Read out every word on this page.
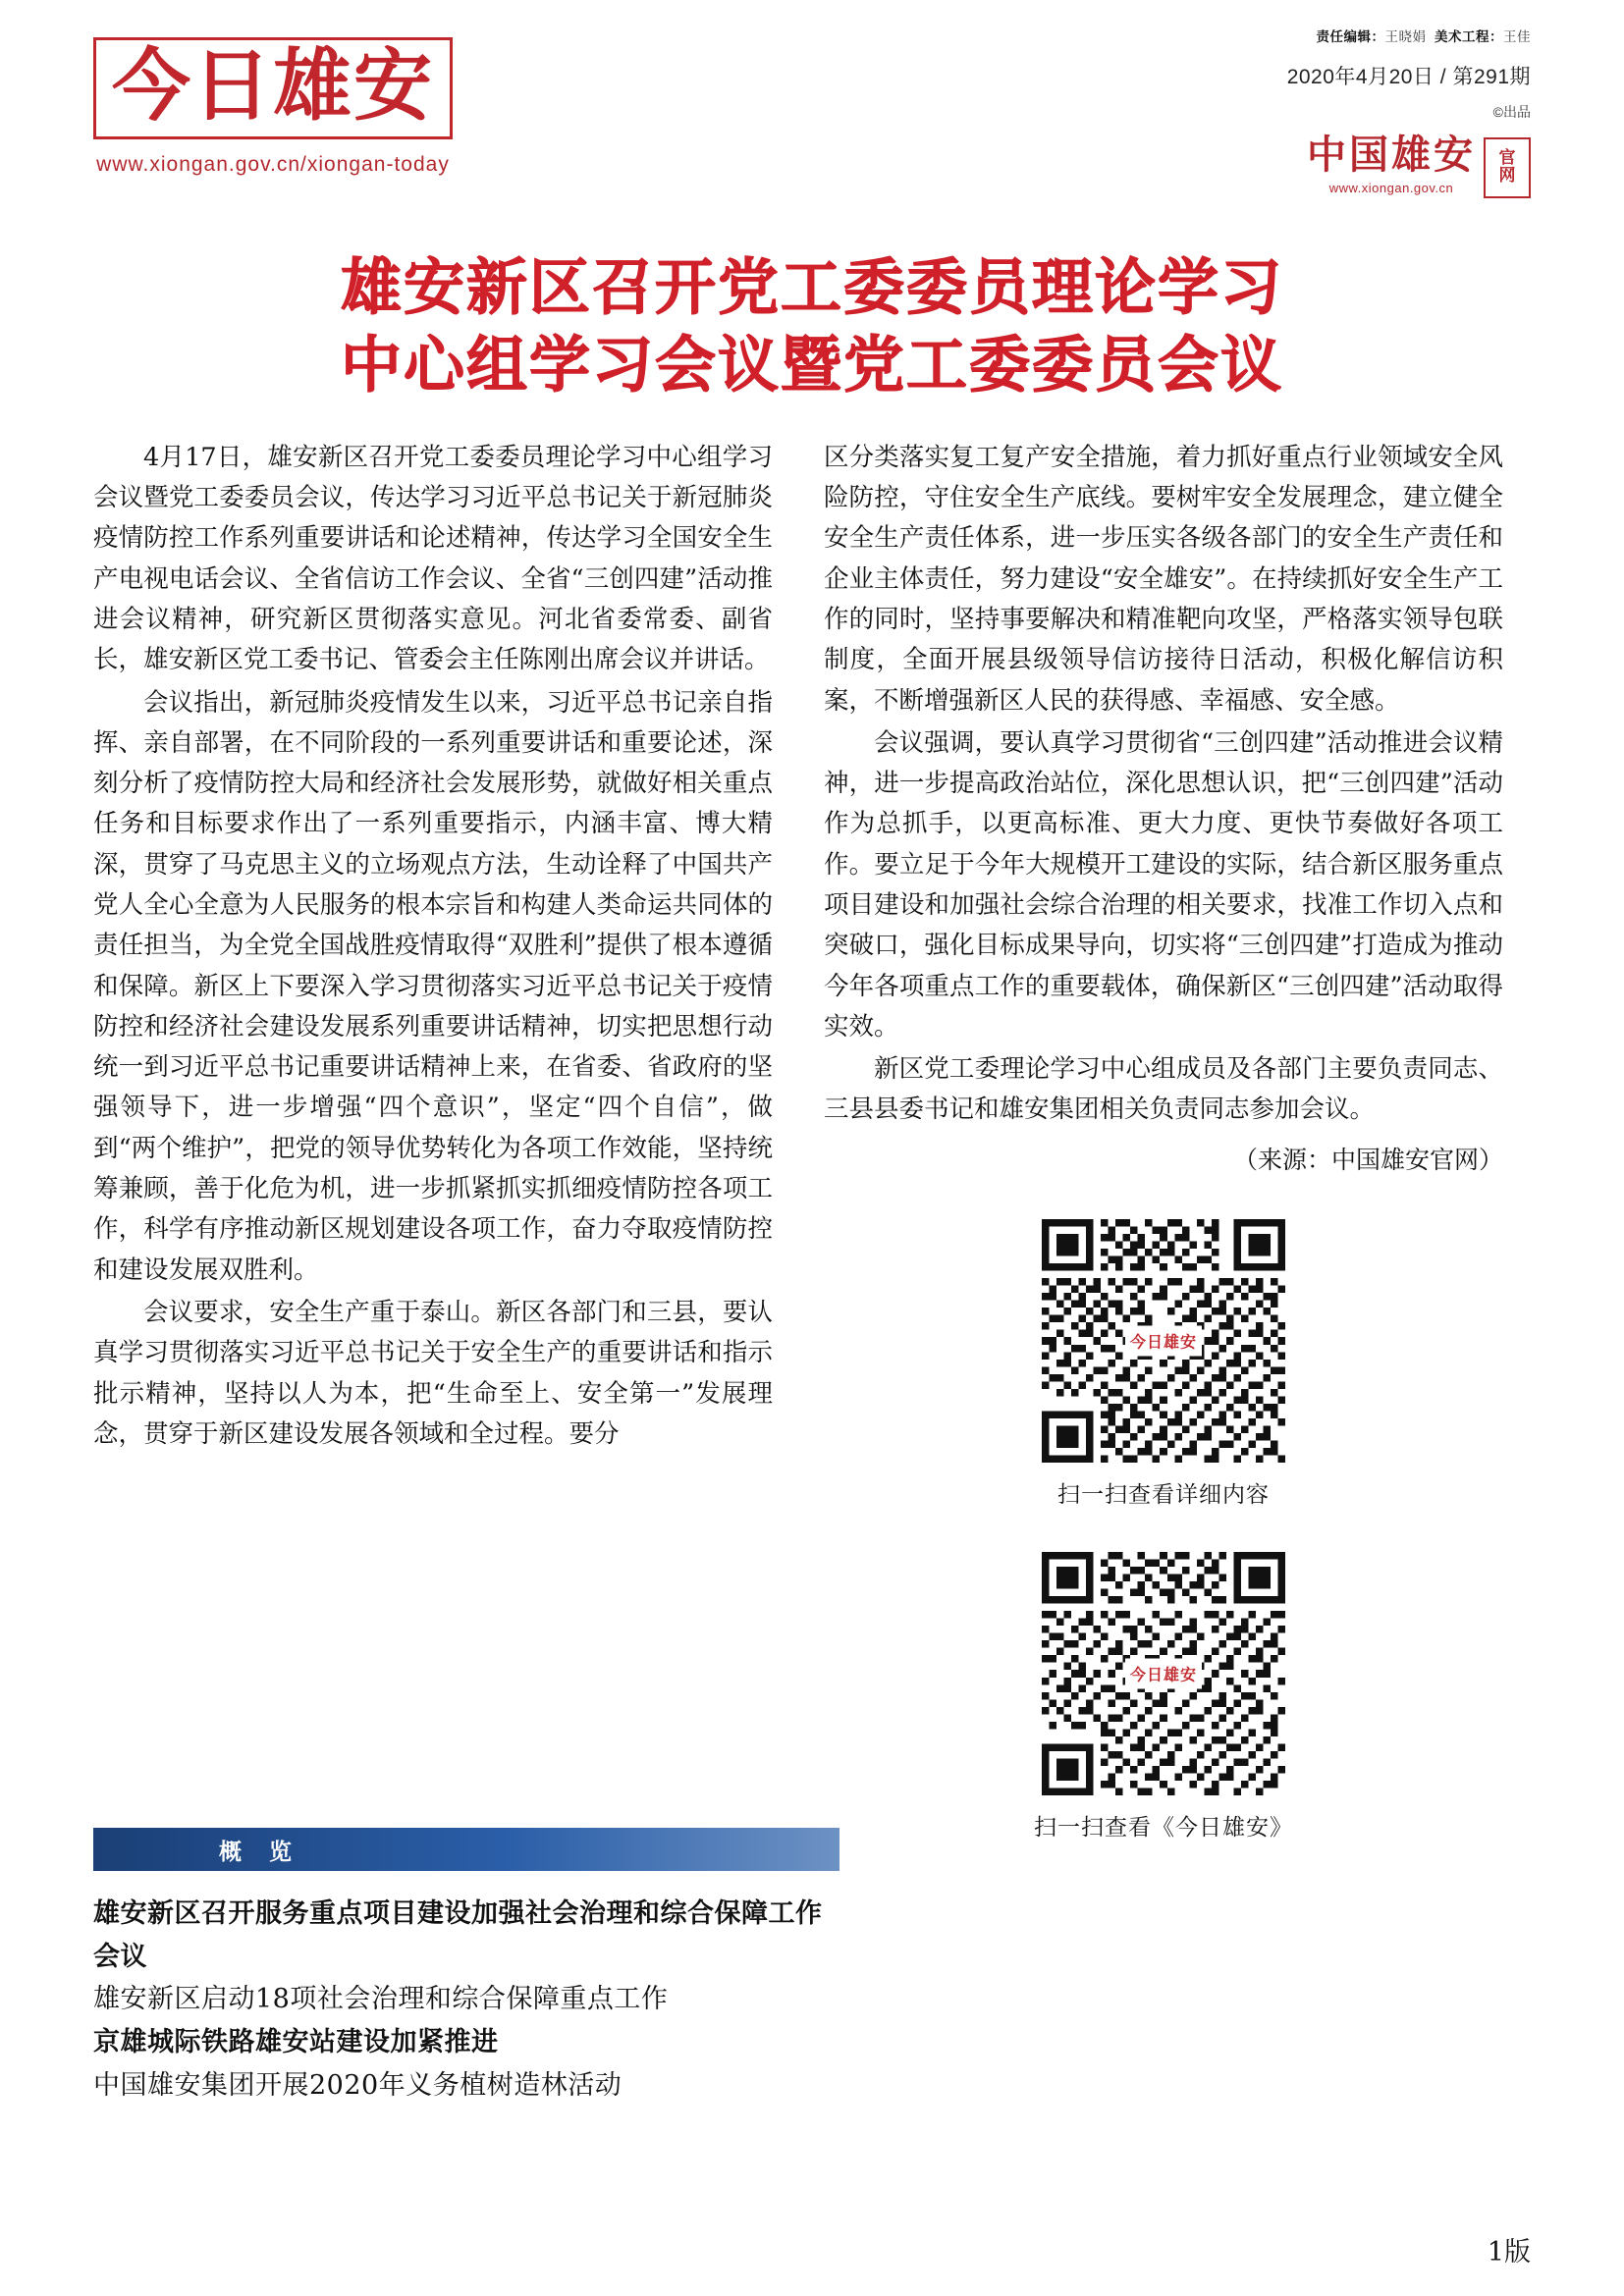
今日雄安
www.xiongan.gov.cn/xiongan-today
责任编辑：王晓娟 美术工程：王佳
2020年4月20日 / 第291期
©出品
中国雄安
www.xiongan.gov.cn
官
网
雄安新区召开党工委委员理论学习
中心组学习会议暨党工委委员会议

4月17日，雄安新区召开党工委委员理论学习中心组学习会议暨党工委委员会议，传达学习习近平总书记关于新冠肺炎疫情防控工作系列重要讲话和论述精神，传达学习全国安全生产电视电话会议、全省信访工作会议、全省“三创四建”活动推进会议精神，研究新区贯彻落实意见。河北省委常委、副省长，雄安新区党工委书记、管委会主任陈刚出席会议并讲话。

会议指出，新冠肺炎疫情发生以来，习近平总书记亲自指挥、亲自部署，在不同阶段的一系列重要讲话和重要论述，深刻分析了疫情防控大局和经济社会发展形势，就做好相关重点任务和目标要求作出了一系列重要指示，内涵丰富、博大精深，贯穿了马克思主义的立场观点方法，生动诠释了中国共产党人全心全意为人民服务的根本宗旨和构建人类命运共同体的责任担当，为全党全国战胜疫情取得“双胜利”提供了根本遵循和保障。新区上下要深入学习贯彻落实习近平总书记关于疫情防控和经济社会建设发展系列重要讲话精神，切实把思想行动统一到习近平总书记重要讲话精神上来，在省委、省政府的坚强领导下，进一步增强“四个意识”，坚定“四个自信”，做到“两个维护”，把党的领导优势转化为各项工作效能，坚持统筹兼顾，善于化危为机，进一步抓紧抓实抓细疫情防控各项工作，科学有序推动新区规划建设各项工作，奋力夺取疫情防控和建设发展双胜利。

会议要求，安全生产重于泰山。新区各部门和三县，要认真学习贯彻落实习近平总书记关于安全生产的重要讲话和指示批示精神，坚持以人为本，把“生命至上、安全第一”发展理念，贯穿于新区建设发展各领域和全过程。要分

区分类落实复工复产安全措施，着力抓好重点行业领域安全风险防控，守住安全生产底线。要树牢安全发展理念，建立健全安全生产责任体系，进一步压实各级各部门的安全生产责任和企业主体责任，努力建设“安全雄安”。在持续抓好安全生产工作的同时，坚持事要解决和精准靶向攻坚，严格落实领导包联制度，全面开展县级领导信访接待日活动，积极化解信访积案，不断增强新区人民的获得感、幸福感、安全感。

会议强调，要认真学习贯彻省“三创四建”活动推进会议精神，进一步提高政治站位，深化思想认识，把“三创四建”活动作为总抓手，以更高标准、更大力度、更快节奏做好各项工作。要立足于今年大规模开工建设的实际，结合新区服务重点项目建设和加强社会综合治理的相关要求，找准工作切入点和突破口，强化目标成果导向，切实将“三创四建”打造成为推动今年各项重点工作的重要载体，确保新区“三创四建”活动取得实效。

新区党工委理论学习中心组成员及各部门主要负责同志、三县县委书记和雄安集团相关负责同志参加会议。

（来源：中国雄安官网）
今日雄安
扫一扫查看详细内容
今日雄安
扫一扫查看《今日雄安》
概 览
雄安新区召开服务重点项目建设加强社会治理和综合保障工作会议
雄安新区启动18项社会治理和综合保障重点工作
京雄城际铁路雄安站建设加紧推进
中国雄安集团开展2020年义务植树造林活动
1版
